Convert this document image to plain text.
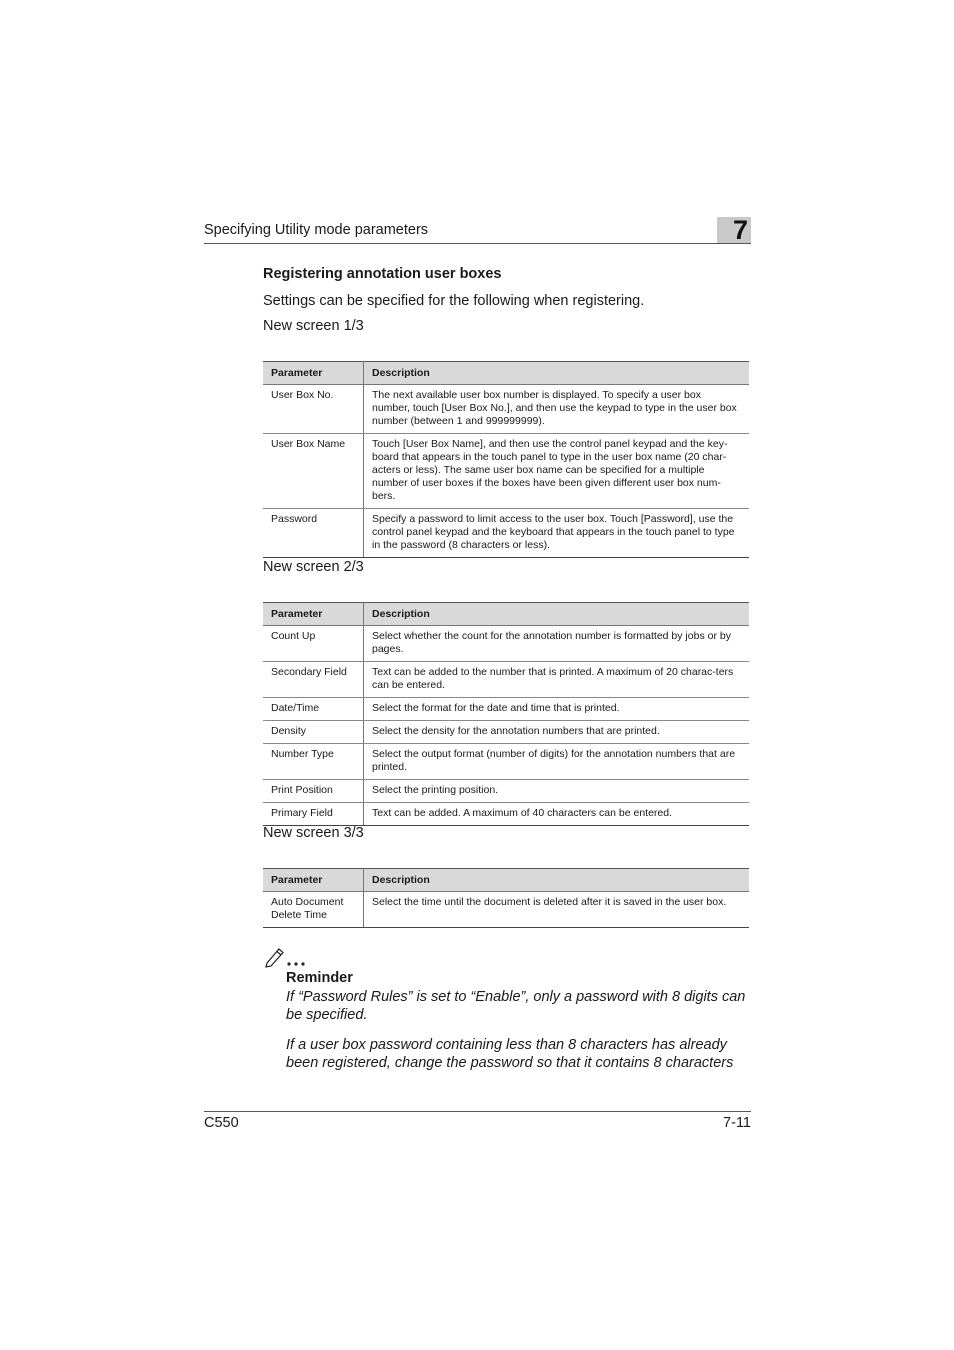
Specifying Utility mode parameters	7
Registering annotation user boxes
Settings can be specified for the following when registering.
New screen 1/3
Parameter	Description
User Box No.	The next available user box number is displayed. To specify a user box number, touch [User Box No.], and then use the keypad to type in the user box number (between 1 and 999999999).
User Box Name	Touch [User Box Name], and then use the control panel keypad and the key-board that appears in the touch panel to type in the user box name (20 char-acters or less). The same user box name can be specified for a multiple number of user boxes if the boxes have been given different user box num-bers.
Password	Specify a password to limit access to the user box. Touch [Password], use the control panel keypad and the keyboard that appears in the touch panel to type in the password (8 characters or less).
New screen 2/3
Parameter	Description
Count Up	Select whether the count for the annotation number is formatted by jobs or by pages.
Secondary Field	Text can be added to the number that is printed. A maximum of 20 charac-ters can be entered.
Date/Time	Select the format for the date and time that is printed.
Density	Select the density for the annotation numbers that are printed.
Number Type	Select the output format (number of digits) for the annotation numbers that are printed.
Print Position	Select the printing position.
Primary Field	Text can be added. A maximum of 40 characters can be entered.
New screen 3/3
Parameter	Description
Auto Document Delete Time	Select the time until the document is deleted after it is saved in the user box.
Reminder
If “Password Rules” is set to “Enable”, only a password with 8 digits can be specified.
If a user box password containing less than 8 characters has already been registered, change the password so that it contains 8 characters
C550	7-11
